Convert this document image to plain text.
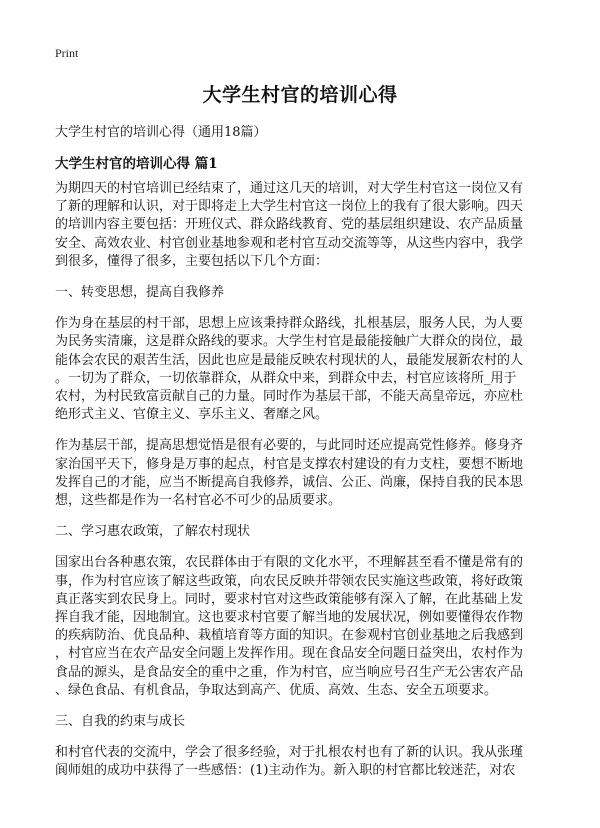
Print
大学生村官的培训心得

大学生村官的培训心得（通用18篇）

大学生村官的培训心得 篇1

为期四天的村官培训已经结束了，通过这几天的培训，对大学生村官这一岗位又有
了新的理解和认识，对于即将走上大学生村官这一岗位上的我有了很大影响。四天
的培训内容主要包括：开班仪式、群众路线教育、党的基层组织建设、农产品质量
安全、高效农业、村官创业基地参观和老村官互动交流等等，从这些内容中，我学
到很多，懂得了很多，主要包括以下几个方面：

一、转变思想，提高自我修养

作为身在基层的村干部，思想上应该秉持群众路线，扎根基层，服务人民，为人要
为民务实清廉，这是群众路线的要求。大学生村官是最能接触广大群众的岗位，最
能体会农民的艰苦生活，因此也应是最能反映农村现状的人，最能发展新农村的人
。一切为了群众，一切依靠群众，从群众中来，到群众中去，村官应该将所_用于
农村，为村民致富贡献自己的力量。同时作为基层干部，不能天高皇帝远，亦应杜
绝形式主义、官僚主义、享乐主义、奢靡之风。

作为基层干部，提高思想觉悟是很有必要的，与此同时还应提高党性修养。修身齐
家治国平天下，修身是万事的起点，村官是支撑农村建设的有力支柱，要想不断地
发挥自己的才能，应当不断提高自我修养，诚信、公正、尚廉，保持自我的民本思
想，这些都是作为一名村官必不可少的品质要求。

二、学习惠农政策，了解农村现状

国家出台各种惠农策，农民群体由于有限的文化水平，不理解甚至看不懂是常有的
事，作为村官应该了解这些政策，向农民反映并带领农民实施这些政策，将好政策
真正落实到农民身上。同时，要求村官对这些政策能够有深入了解，在此基础上发
挥自我才能，因地制宜。这也要求村官要了解当地的发展状况，例如要懂得农作物
的疾病防治、优良品种、栽植培育等方面的知识。在参观村官创业基地之后我感到
，村官应当在农产品安全问题上发挥作用。现在食品安全问题日益突出，农村作为
食品的源头，是食品安全的重中之重，作为村官，应当响应号召生产无公害农产品
、绿色食品、有机食品，争取达到高产、优质、高效、生态、安全五项要求。

三、自我的约束与成长

和村官代表的交流中，学会了很多经验，对于扎根农村也有了新的认识。我从张瑾
阆师姐的成功中获得了一些感悟：(1)主动作为。新入职的村官都比较迷茫，对农
